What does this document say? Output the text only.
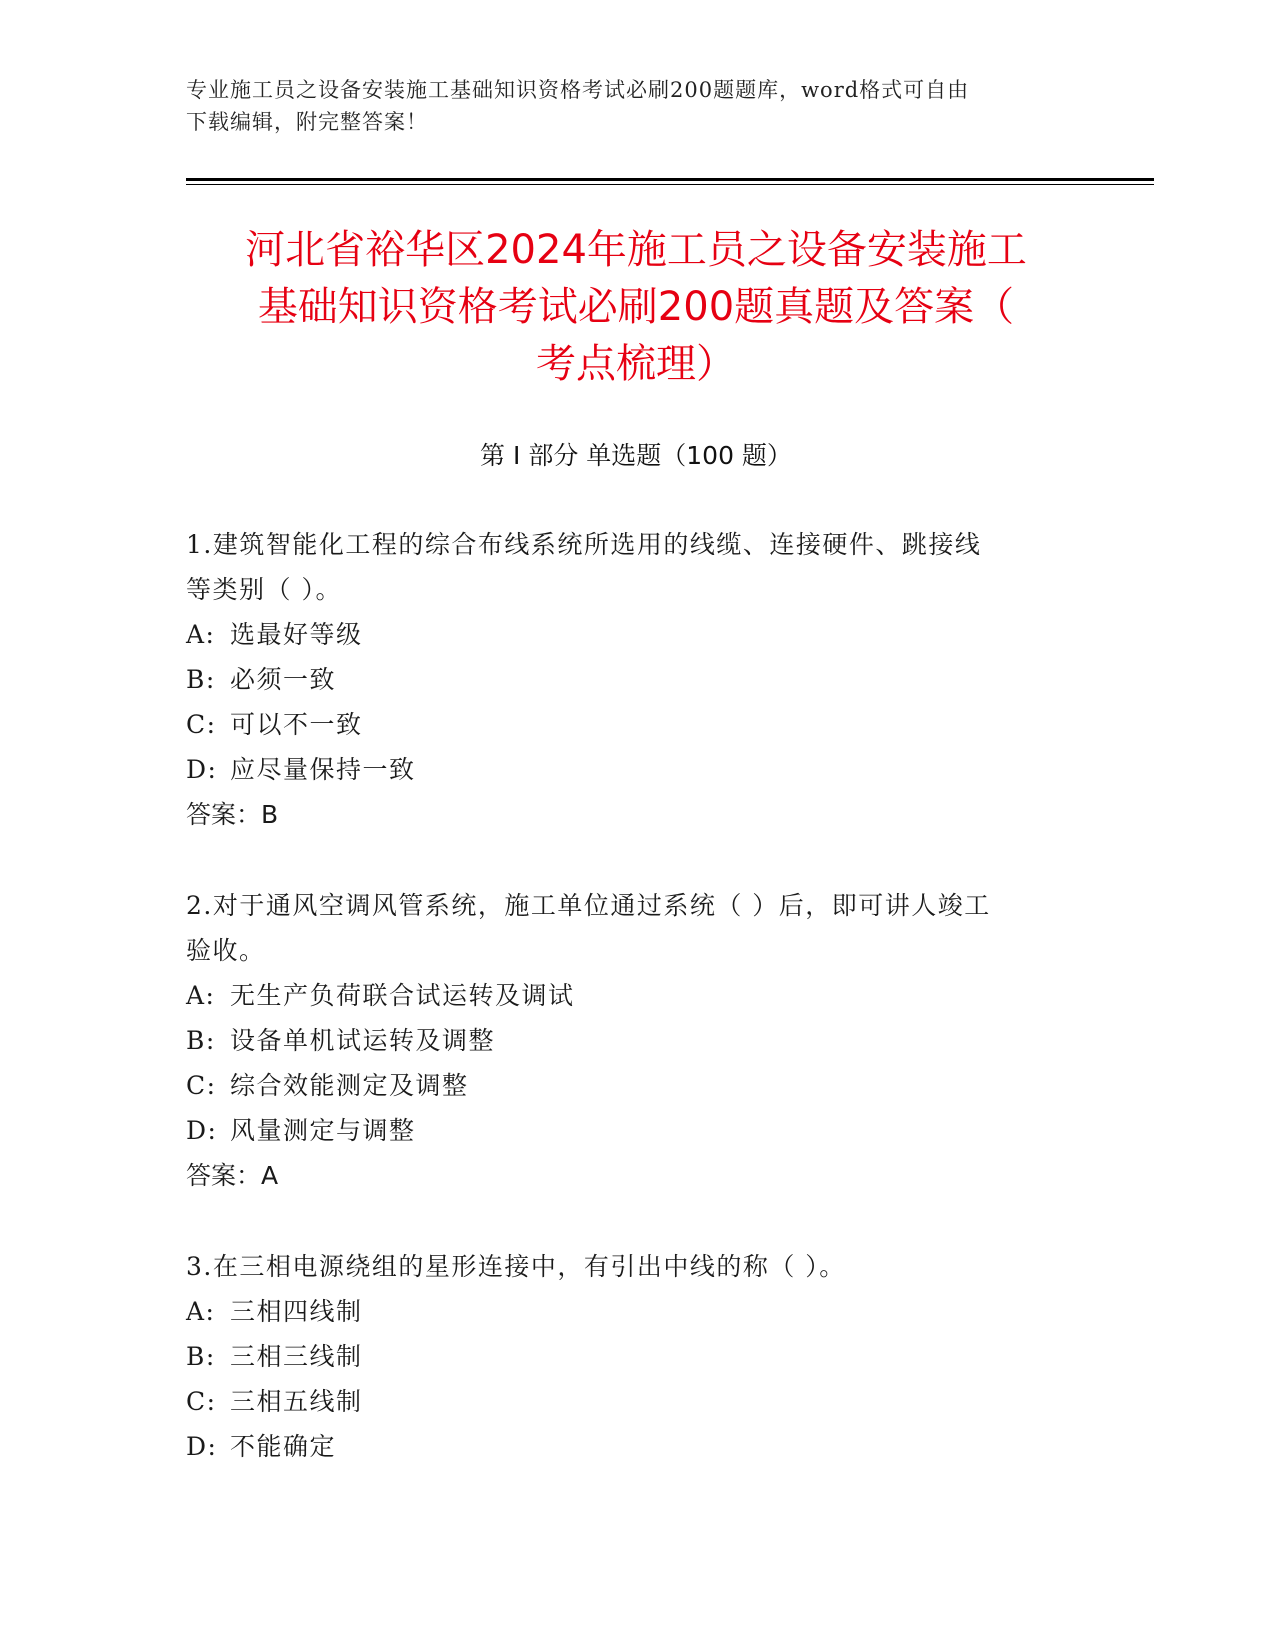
专业施工员之设备安装施工基础知识资格考试必刷200题题库，word格式可自由
下载编辑，附完整答案！
河北省裕华区2024年施工员之设备安装施工
基础知识资格考试必刷200题真题及答案（
考点梳理）
第 I 部分 单选题（100 题）
1.建筑智能化工程的综合布线系统所选用的线缆、连接硬件、跳接线
等类别（ ）。
A: 选最好等级
B: 必须一致
C: 可以不一致
D: 应尽量保持一致
答案：B
2.对于通风空调风管系统，施工单位通过系统（ ）后，即可讲人竣工
验收。
A: 无生产负荷联合试运转及调试
B: 设备单机试运转及调整
C: 综合效能测定及调整
D: 风量测定与调整
答案：A
3.在三相电源绕组的星形连接中，有引出中线的称（ ）。
A: 三相四线制
B: 三相三线制
C: 三相五线制
D: 不能确定
